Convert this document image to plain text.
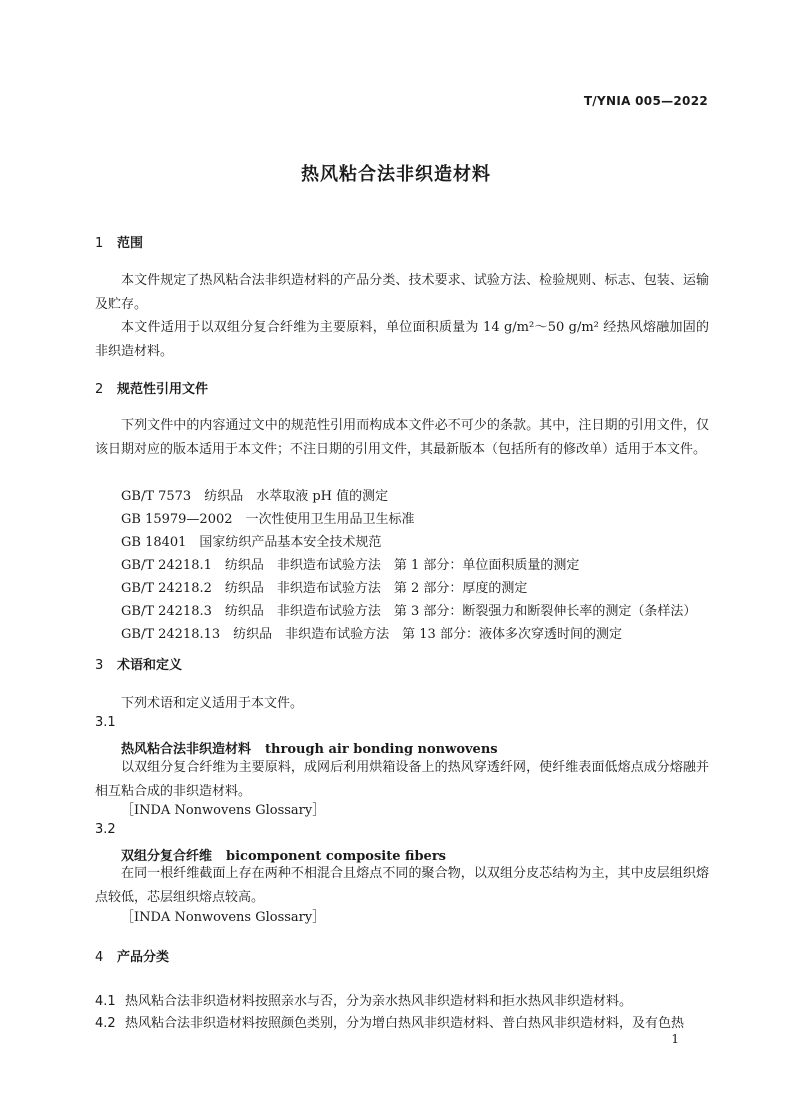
T/YNIA 005—2022
热风粘合法非织造材料
1 范围
本文件规定了热风粘合法非织造材料的产品分类、技术要求、试验方法、检验规则、标志、包装、运输及贮存。
本文件适用于以双组分复合纤维为主要原料，单位面积质量为 14 g/m²～50 g/m² 经热风熔融加固的非织造材料。
2 规范性引用文件
下列文件中的内容通过文中的规范性引用而构成本文件必不可少的条款。其中，注日期的引用文件，仅该日期对应的版本适用于本文件；不注日期的引用文件，其最新版本（包括所有的修改单）适用于本文件。
GB/T 7573　纺织品　水萃取液 pH 值的测定
GB 15979—2002　一次性使用卫生用品卫生标准
GB 18401　国家纺织产品基本安全技术规范
GB/T 24218.1　纺织品　非织造布试验方法　第 1 部分：单位面积质量的测定
GB/T 24218.2　纺织品　非织造布试验方法　第 2 部分：厚度的测定
GB/T 24218.3　纺织品　非织造布试验方法　第 3 部分：断裂强力和断裂伸长率的测定（条样法）
GB/T 24218.13　纺织品　非织造布试验方法　第 13 部分：液体多次穿透时间的测定
3 术语和定义
下列术语和定义适用于本文件。
3.1
热风粘合法非织造材料 through air bonding nonwovens
以双组分复合纤维为主要原料，成网后利用烘箱设备上的热风穿透纤网，使纤维表面低熔点成分熔融并相互粘合成的非织造材料。
［INDA Nonwovens Glossary］
3.2
双组分复合纤维 bicomponent composite fibers
在同一根纤维截面上存在两种不相混合且熔点不同的聚合物，以双组分皮芯结构为主，其中皮层组织熔点较低，芯层组织熔点较高。
［INDA Nonwovens Glossary］
4 产品分类
4.1 热风粘合法非织造材料按照亲水与否，分为亲水热风非织造材料和拒水热风非织造材料。
4.2 热风粘合法非织造材料按照颜色类别，分为增白热风非织造材料、普白热风非织造材料，及有色热
1
